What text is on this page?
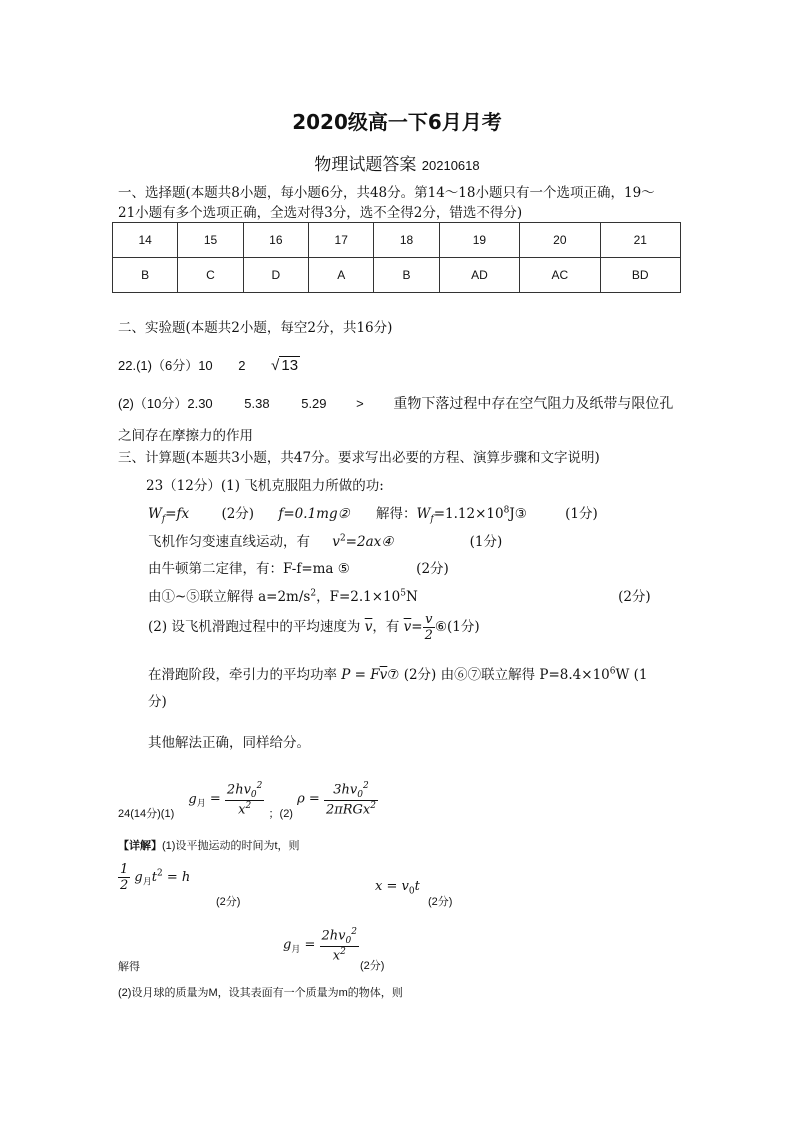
2020级高一下6月月考
物理试题答案 20210618
一、选择题(本题共8小题，每小题6分，共48分。第14～18小题只有一个选项正确，19～
21小题有多个选项正确，全选对得3分，选不全得2分，错选不得分)
14	15	16	17	18	19	20	21
B	C	D	A	B	AD	AC	BD
二、实验题(本题共2小题，每空2分，共16分)
22.(1)（6分）10 2 √ 13
(2)（10分）2.30 5.38 5.29 > 重物下落过程中存在空气阻力及纸带与限位孔
之间存在摩擦力的作用
三、计算题(本题共3小题，共47分。要求写出必要的方程、演算步骤和文字说明)
23（12分）(1) 飞机克服阻力所做的功:
$W_f=fx$ (2分) f=0.1mg② 解得：$W_f=1.12\times 10^8J③$	(1分)
飞机作匀变速直线运动，有 $v^2=2ax④$	(1分)
由牛顿第二定律，有：F-f=ma ⑤	(2分)
由①~⑤联立解得 $a=2m/s^2$，$F=2.1\times 10^5N$	(2分)
(2) 设飞机滑跑过程中的平均速度为 $\overline{v}$，有 $\overline{v}= \frac{v}{2}$ ⑥(1分)
在滑跑阶段，牵引力的平均功率 $P = F\overline{v}⑦$ (2分) 由⑥⑦联立解得 $P=8.4\times 10^6W$ (1
分)
其他解法正确，同样给分。
$_{24(14分)(1)}$ $g_月 = \frac{2hv_0^2}{x^2} _{;(2)}$ $\rho = \frac{3hv_0^2}{2\pi RGx^2}$
【详解】(1)设平抛运动的时间为t，则
$\frac{1}{2} g_月t^2 = h$
(2分)
$x = v_0t$
(2分)
解得
$g_月 = \frac{2hv_0^2}{x^2}$
(2分)
(2)设月球的质量为M，设其表面有一个质量为m的物体，则
